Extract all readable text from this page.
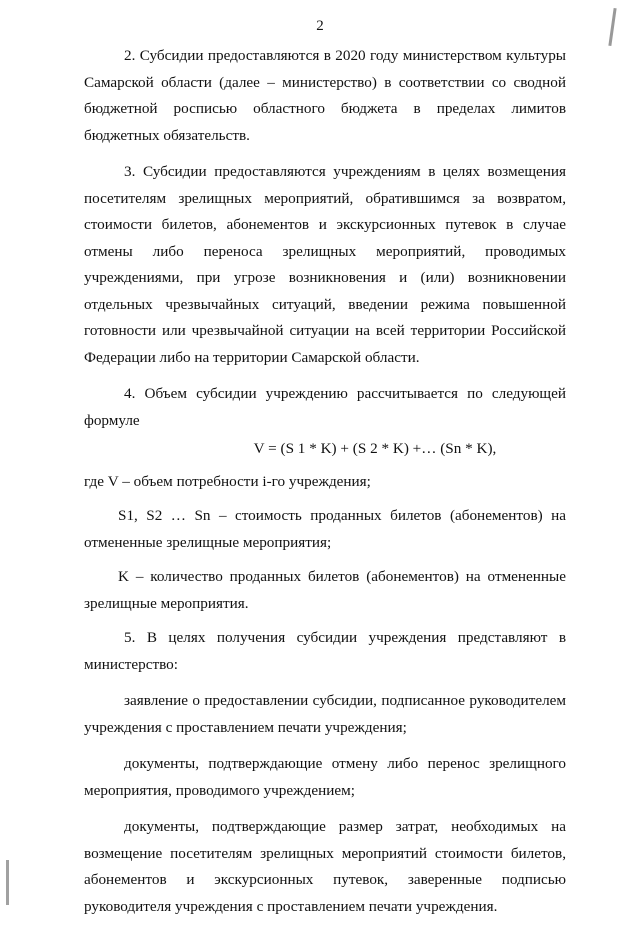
2

2. Субсидии предоставляются в 2020 году министерством культуры Самарской области (далее – министерство) в соответствии со сводной бюджетной росписью областного бюджета в пределах лимитов бюджетных обязательств.

3. Субсидии предоставляются учреждениям в целях возмещения посетителям зрелищных мероприятий, обратившимся за возвратом, стоимости билетов, абонементов и экскурсионных путевок в случае отмены либо переноса зрелищных мероприятий, проводимых учреждениями, при угрозе возникновения и (или) возникновении отдельных чрезвычайных ситуаций, введении режима повышенной готовности или чрезвычайной ситуации на всей территории Российской Федерации либо на территории Самарской области.

4. Объем субсидии учреждению рассчитывается по следующей формуле

V = (S 1 * K) + (S 2 * K) +… (Sn * K),

где V – объем потребности i-го учреждения;

S1, S2 … Sn – стоимость проданных билетов (абонементов) на отмененные зрелищные мероприятия;

K – количество проданных билетов (абонементов) на отмененные зрелищные мероприятия.

5. В целях получения субсидии учреждения представляют в министерство:

заявление о предоставлении субсидии, подписанное руководителем учреждения с проставлением печати учреждения;

документы, подтверждающие отмену либо перенос зрелищного мероприятия, проводимого учреждением;

документы, подтверждающие размер затрат, необходимых на возмещение посетителям зрелищных мероприятий стоимости билетов, абонементов и экскурсионных путевок, заверенные подписью руководителя учреждения с проставлением печати учреждения.
